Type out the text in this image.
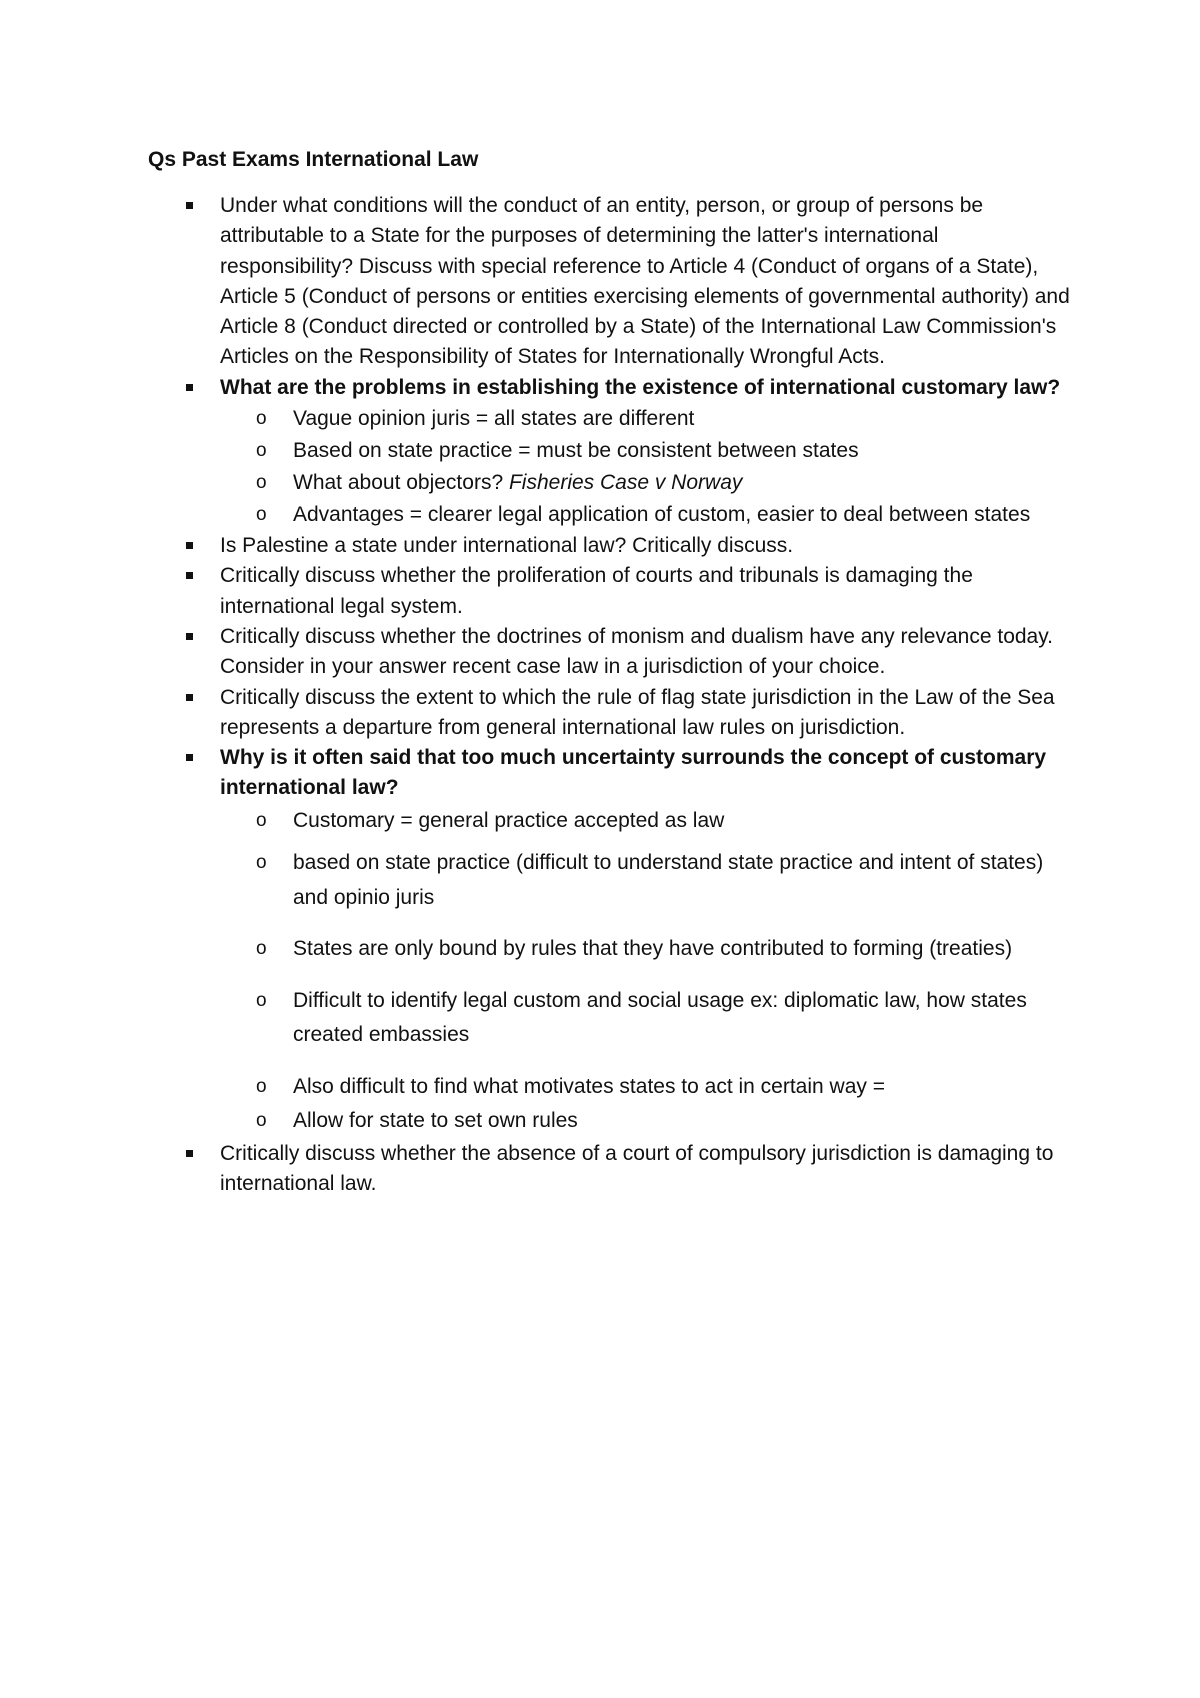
Qs Past Exams International Law
Under what conditions will the conduct of an entity, person, or group of persons be attributable to a State for the purposes of determining the latter's international responsibility? Discuss with special reference to Article 4 (Conduct of organs of a State), Article 5 (Conduct of persons or entities exercising elements of governmental authority) and Article 8 (Conduct directed or controlled by a State) of the International Law Commission's Articles on the Responsibility of States for Internationally Wrongful Acts.
What are the problems in establishing the existence of international customary law?
o Vague opinion juris = all states are different
o Based on state practice = must be consistent between states
o What about objectors? Fisheries Case v Norway
o Advantages = clearer legal application of custom, easier to deal between states
Is Palestine a state under international law? Critically discuss.
Critically discuss whether the proliferation of courts and tribunals is damaging the international legal system.
Critically discuss whether the doctrines of monism and dualism have any relevance today. Consider in your answer recent case law in a jurisdiction of your choice.
Critically discuss the extent to which the rule of flag state jurisdiction in the Law of the Sea represents a departure from general international law rules on jurisdiction.
Why is it often said that too much uncertainty surrounds the concept of customary international law?
o Customary = general practice accepted as law
o based on state practice (difficult to understand state practice and intent of states) and opinio juris
o States are only bound by rules that they have contributed to forming (treaties)
o Difficult to identify legal custom and social usage ex: diplomatic law, how states created embassies
o Also difficult to find what motivates states to act in certain way =
o Allow for state to set own rules
Critically discuss whether the absence of a court of compulsory jurisdiction is damaging to international law.
